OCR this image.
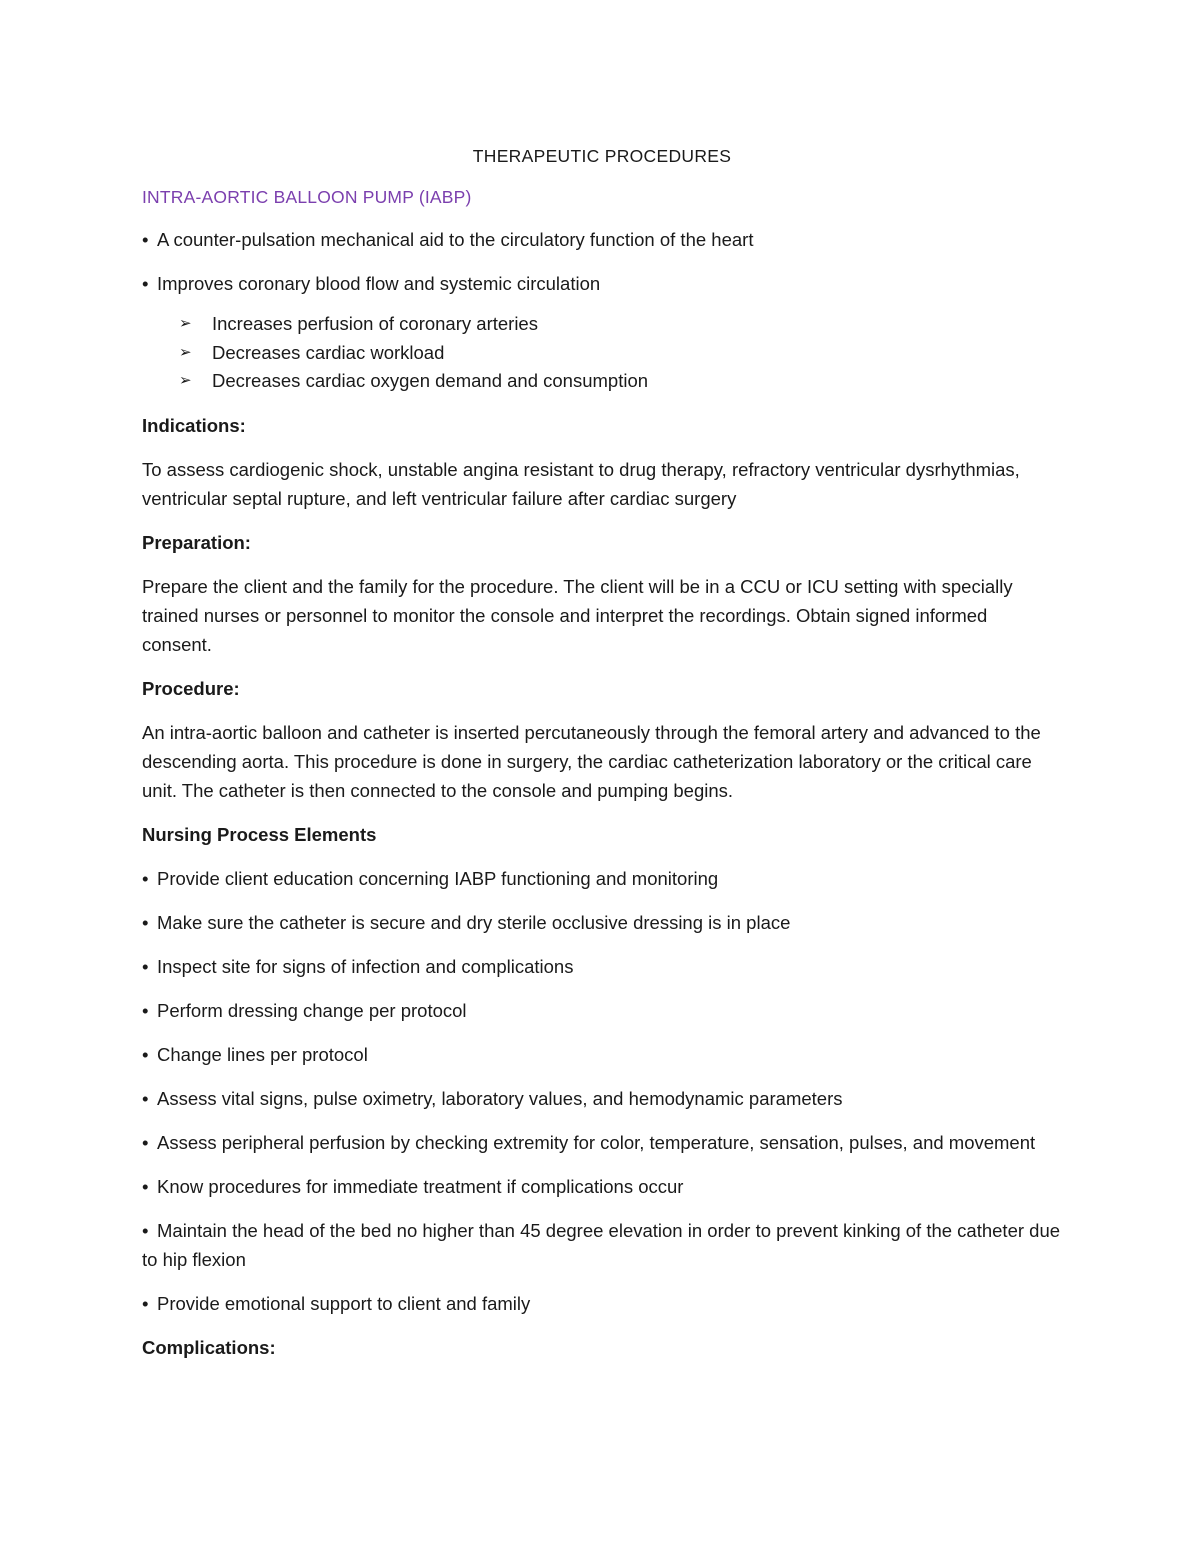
THERAPEUTIC PROCEDURES
INTRA-AORTIC BALLOON PUMP (IABP)
• A counter-pulsation mechanical aid to the circulatory function of the heart
• Improves coronary blood flow and systemic circulation
➢ Increases perfusion of coronary arteries
➢ Decreases cardiac workload
➢ Decreases cardiac oxygen demand and consumption
Indications:
To assess cardiogenic shock, unstable angina resistant to drug therapy, refractory ventricular dysrhythmias, ventricular septal rupture, and left ventricular failure after cardiac surgery
Preparation:
Prepare the client and the family for the procedure. The client will be in a CCU or ICU setting with specially trained nurses or personnel to monitor the console and interpret the recordings. Obtain signed informed consent.
Procedure:
An intra-aortic balloon and catheter is inserted percutaneously through the femoral artery and advanced to the descending aorta. This procedure is done in surgery, the cardiac catheterization laboratory or the critical care unit. The catheter is then connected to the console and pumping begins.
Nursing Process Elements
• Provide client education concerning IABP functioning and monitoring
• Make sure the catheter is secure and dry sterile occlusive dressing is in place
• Inspect site for signs of infection and complications
• Perform dressing change per protocol
• Change lines per protocol
• Assess vital signs, pulse oximetry, laboratory values, and hemodynamic parameters
• Assess peripheral perfusion by checking extremity for color, temperature, sensation, pulses, and movement
• Know procedures for immediate treatment if complications occur
• Maintain the head of the bed no higher than 45 degree elevation in order to prevent kinking of the catheter due to hip flexion
• Provide emotional support to client and family
Complications:
